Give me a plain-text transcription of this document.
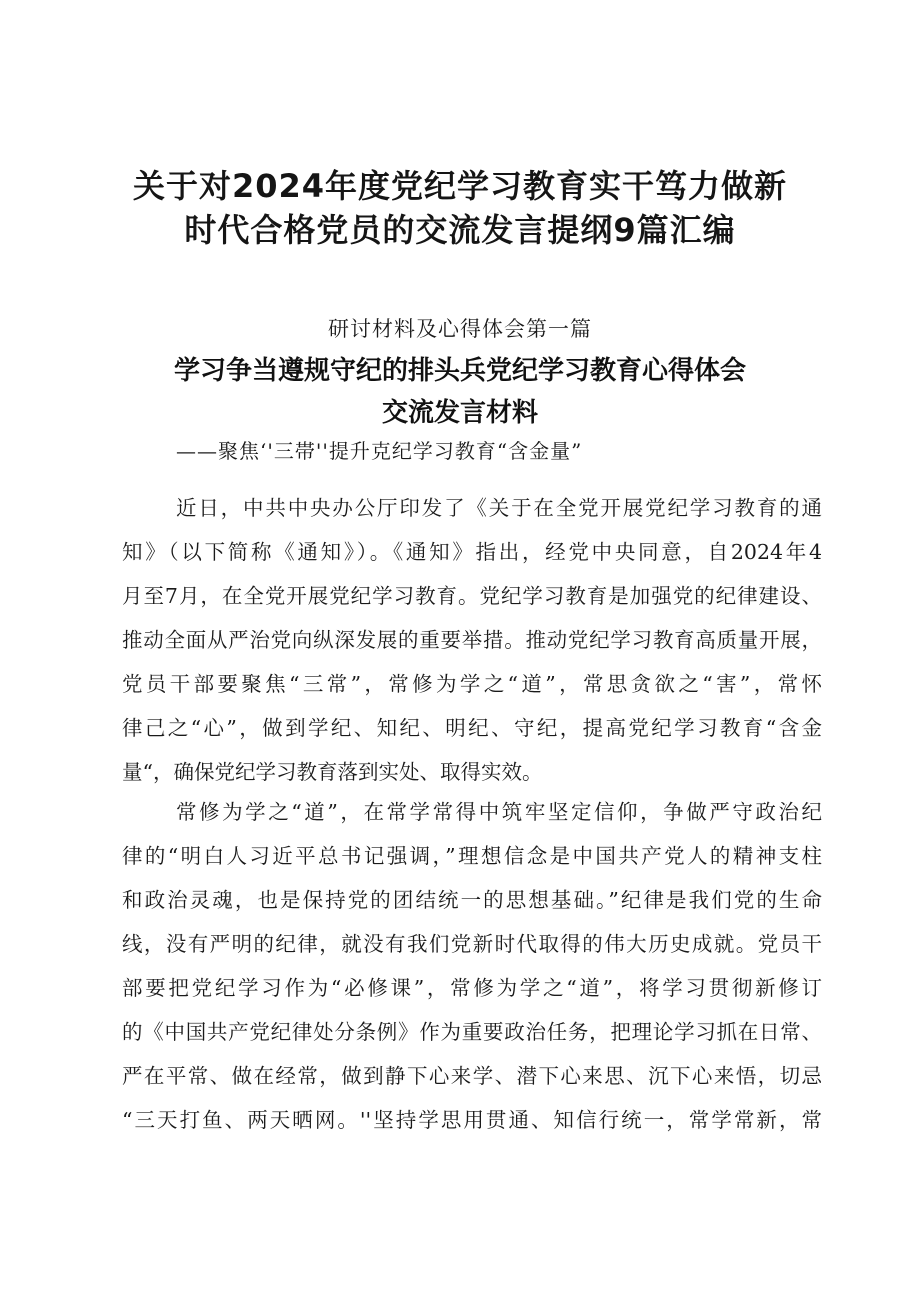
关于对2024年度党纪学习教育实干笃力做新
时代合格党员的交流发言提纲9篇汇编
研讨材料及心得体会第一篇
学习争当遵规守纪的排头兵党纪学习教育心得体会
交流发言材料
——聚焦‘'三帯''提升克纪学习教育“含金量”
近日，中共中央办公厅印发了《关于在全党开展党纪学习教育的通
知》（以下简称《通知》）。《通知》指出，经党中央同意，自2024年4
月至7月，在全党开展党纪学习教育。党纪学习教育是加强党的纪律建设、
推动全面从严治党向纵深发展的重要举措。推动党纪学习教育高质量开展，
党员干部要聚焦“三常”，常修为学之“道”，常思贪欲之“害”，常怀
律己之“心”，做到学纪、知纪、明纪、守纪，提高党纪学习教育“含金
量“，确保党纪学习教育落到实处、取得实效。
常修为学之“道”，在常学常得中筑牢坚定信仰，争做严守政治纪
律的“明白人习近平总书记强调，”理想信念是中国共产党人的精神支柱
和政治灵魂，也是保持党的团结统一的思想基础。”纪律是我们党的生命
线，没有严明的纪律，就没有我们党新时代取得的伟大历史成就。党员干
部要把党纪学习作为“必修课”，常修为学之“道”，将学习贯彻新修订
的《中国共产党纪律处分条例》作为重要政治任务，把理论学习抓在日常、
严在平常、做在经常，做到静下心来学、潜下心来思、沉下心来悟，切忌
“三天打鱼、两天晒网。''坚持学思用贯通、知信行统一，常学常新，常
